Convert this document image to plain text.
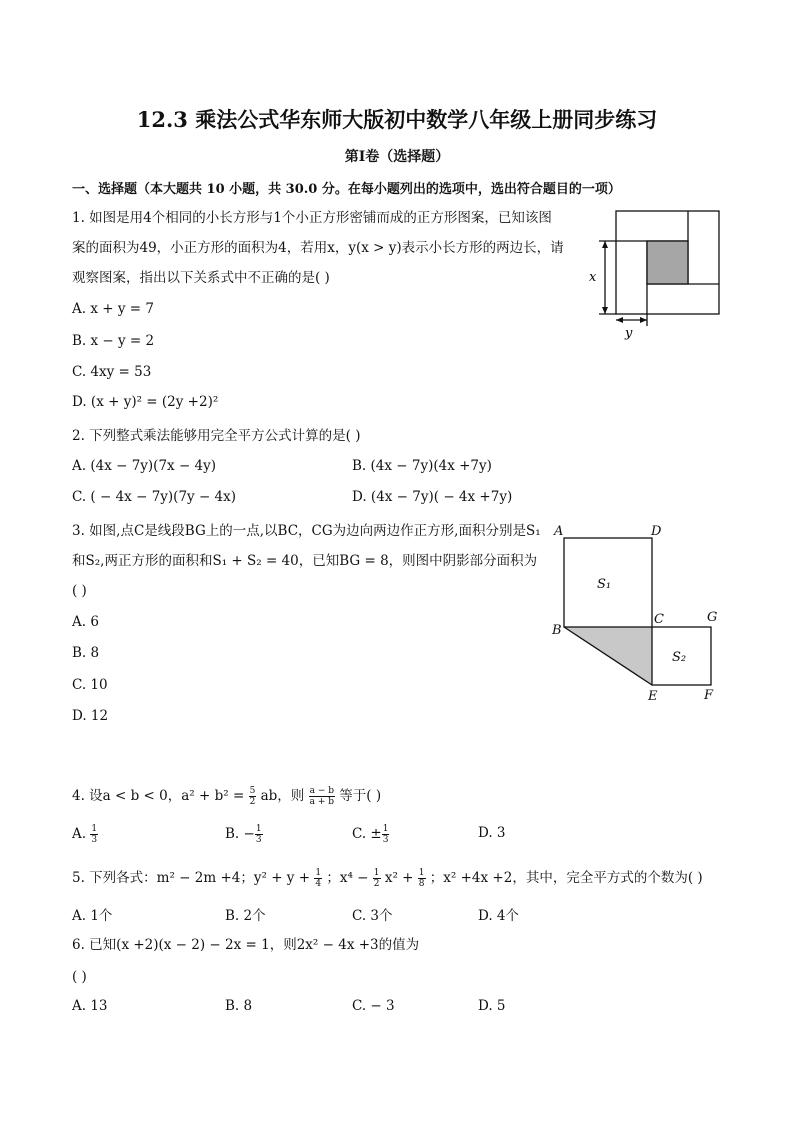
12.3 乘法公式华东师大版初中数学八年级上册同步练习
第Ⅰ卷（选择题）
一、选择题（本大题共 10 小题，共 30.0 分。在每小题列出的选项中，选出符合题目的一项）
1. 如图是用4个相同的小长方形与1个小正方形密铺而成的正方形图案，已知该图
案的面积为49，小正方形的面积为4，若用x，y(x > y)表示小长方形的两边长，请
观察图案，指出以下关系式中不正确的是( )
A. x + y = 7
B. x − y = 2
C. 4xy = 53
D. (x + y)² = (2y +2)²
x
y
2. 下列整式乘法能够用完全平方公式计算的是( )
A. (4x − 7y)(7x − 4y)	B. (4x − 7y)(4x +7y)
C. ( − 4x − 7y)(7y − 4x)	D. (4x − 7y)( − 4x +7y)
3. 如图,点C是线段BG上的一点,以BC，CG为边向两边作正方形,面积分别是S₁
和S₂,两正方形的面积和S₁ + S₂ = 40，已知BG = 8，则图中阴影部分面积为
( )
A. 6
B. 8
C. 10
D. 12
A	D
S₁
C	G
B
S₂
E	F
4. 设a < b < 0，$a^2 + b^2 = \frac{5}{2}$ ab，则 $\frac{a - b}{a + b}$ 等于( )
A. $\frac{1}{3}$	B. − $\frac{1}{3}$	C. ± $\frac{1}{3}$	D. 3
5. 下列各式：m² − 2m +4；$y^2 + y + \frac{1}{4}$ ；$x^4 - \frac{1}{2} x^2 + \frac{1}{8}$ ；x² +4x +2，其中，完全平方式的个数为( )
A. 1个	B. 2个	C. 3个	D. 4个
6. 已知(x +2)(x − 2) − 2x = 1，则2x² − 4x +3的值为
( )
A. 13	B. 8	C. − 3	D. 5
